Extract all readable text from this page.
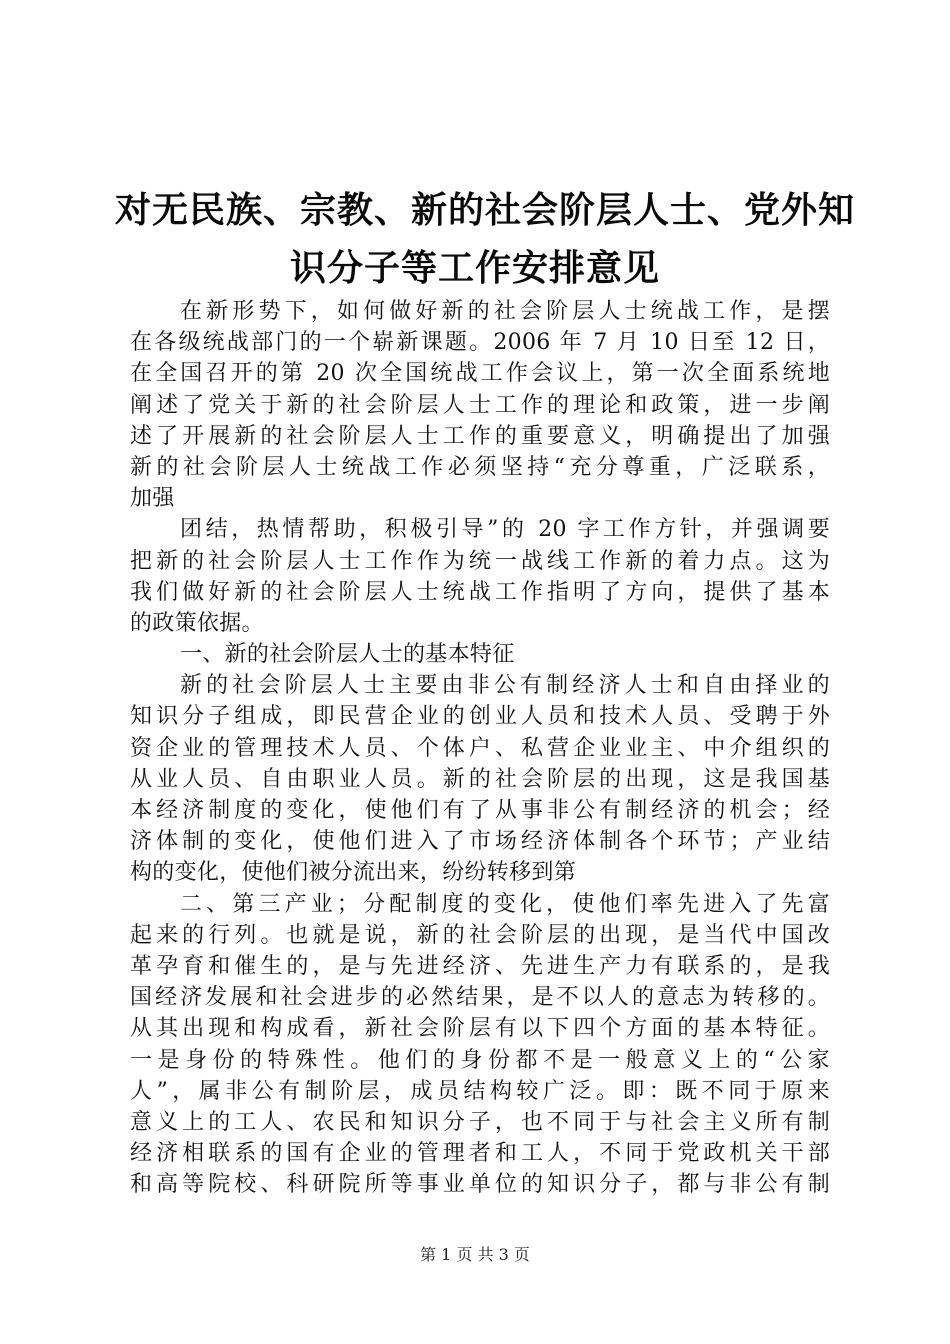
对无民族、宗教、新的社会阶层人士、党外知
识分子等工作安排意见
在新形势下，如何做好新的社会阶层人士统战工作，是摆
在各级统战部门的一个崭新课题。2006 年 7 月 10 日至 12 日，
在全国召开的第 20 次全国统战工作会议上，第一次全面系统地
阐述了党关于新的社会阶层人士工作的理论和政策，进一步阐
述了开展新的社会阶层人士工作的重要意义，明确提出了加强
新的社会阶层人士统战工作必须坚持“充分尊重，广泛联系，
加强
团结，热情帮助，积极引导”的 20 字工作方针，并强调要
把新的社会阶层人士工作作为统一战线工作新的着力点。这为
我们做好新的社会阶层人士统战工作指明了方向，提供了基本
的政策依据。
一、新的社会阶层人士的基本特征
新的社会阶层人士主要由非公有制经济人士和自由择业的
知识分子组成，即民营企业的创业人员和技术人员、受聘于外
资企业的管理技术人员、个体户、私营企业业主、中介组织的
从业人员、自由职业人员。新的社会阶层的出现，这是我国基
本经济制度的变化，使他们有了从事非公有制经济的机会；经
济体制的变化，使他们进入了市场经济体制各个环节；产业结
构的变化，使他们被分流出来，纷纷转移到第
二、第三产业；分配制度的变化，使他们率先进入了先富
起来的行列。也就是说，新的社会阶层的出现，是当代中国改
革孕育和催生的，是与先进经济、先进生产力有联系的，是我
国经济发展和社会进步的必然结果，是不以人的意志为转移的。
从其出现和构成看，新社会阶层有以下四个方面的基本特征。
一是身份的特殊性。他们的身份都不是一般意义上的“公家
人”，属非公有制阶层，成员结构较广泛。即：既不同于原来
意义上的工人、农民和知识分子，也不同于与社会主义所有制
经济相联系的国有企业的管理者和工人，不同于党政机关干部
和高等院校、科研院所等事业单位的知识分子，都与非公有制
第 1 页 共 3 页
